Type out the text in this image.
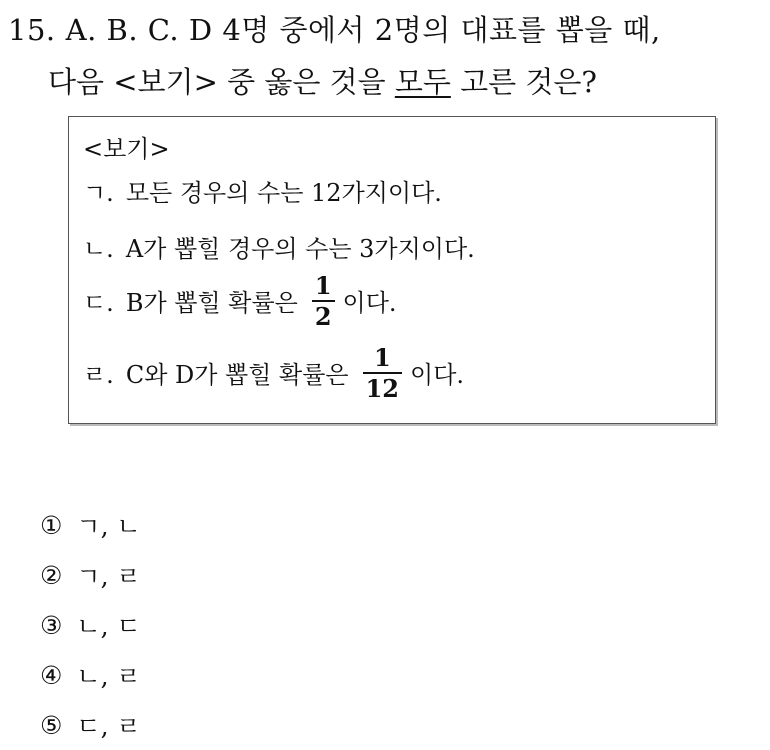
15. A. B. C. D 4명 중에서 2명의 대표를 뽑을 때,
다음 <보기> 중 옳은 것을 모두 고른 것은?
<보기>
ㄱ. 모든 경우의 수는 12가지이다.
ㄴ. A가 뽑힐 경우의 수는 3가지이다.
ㄷ. B가 뽑힐 확률은 $\frac{1}{2}$ 이다.
ㄹ. C와 D가 뽑힐 확률은 $\frac{1}{12}$ 이다.
① ㄱ, ㄴ
② ㄱ, ㄹ
③ ㄴ, ㄷ
④ ㄴ, ㄹ
⑤ ㄷ, ㄹ
